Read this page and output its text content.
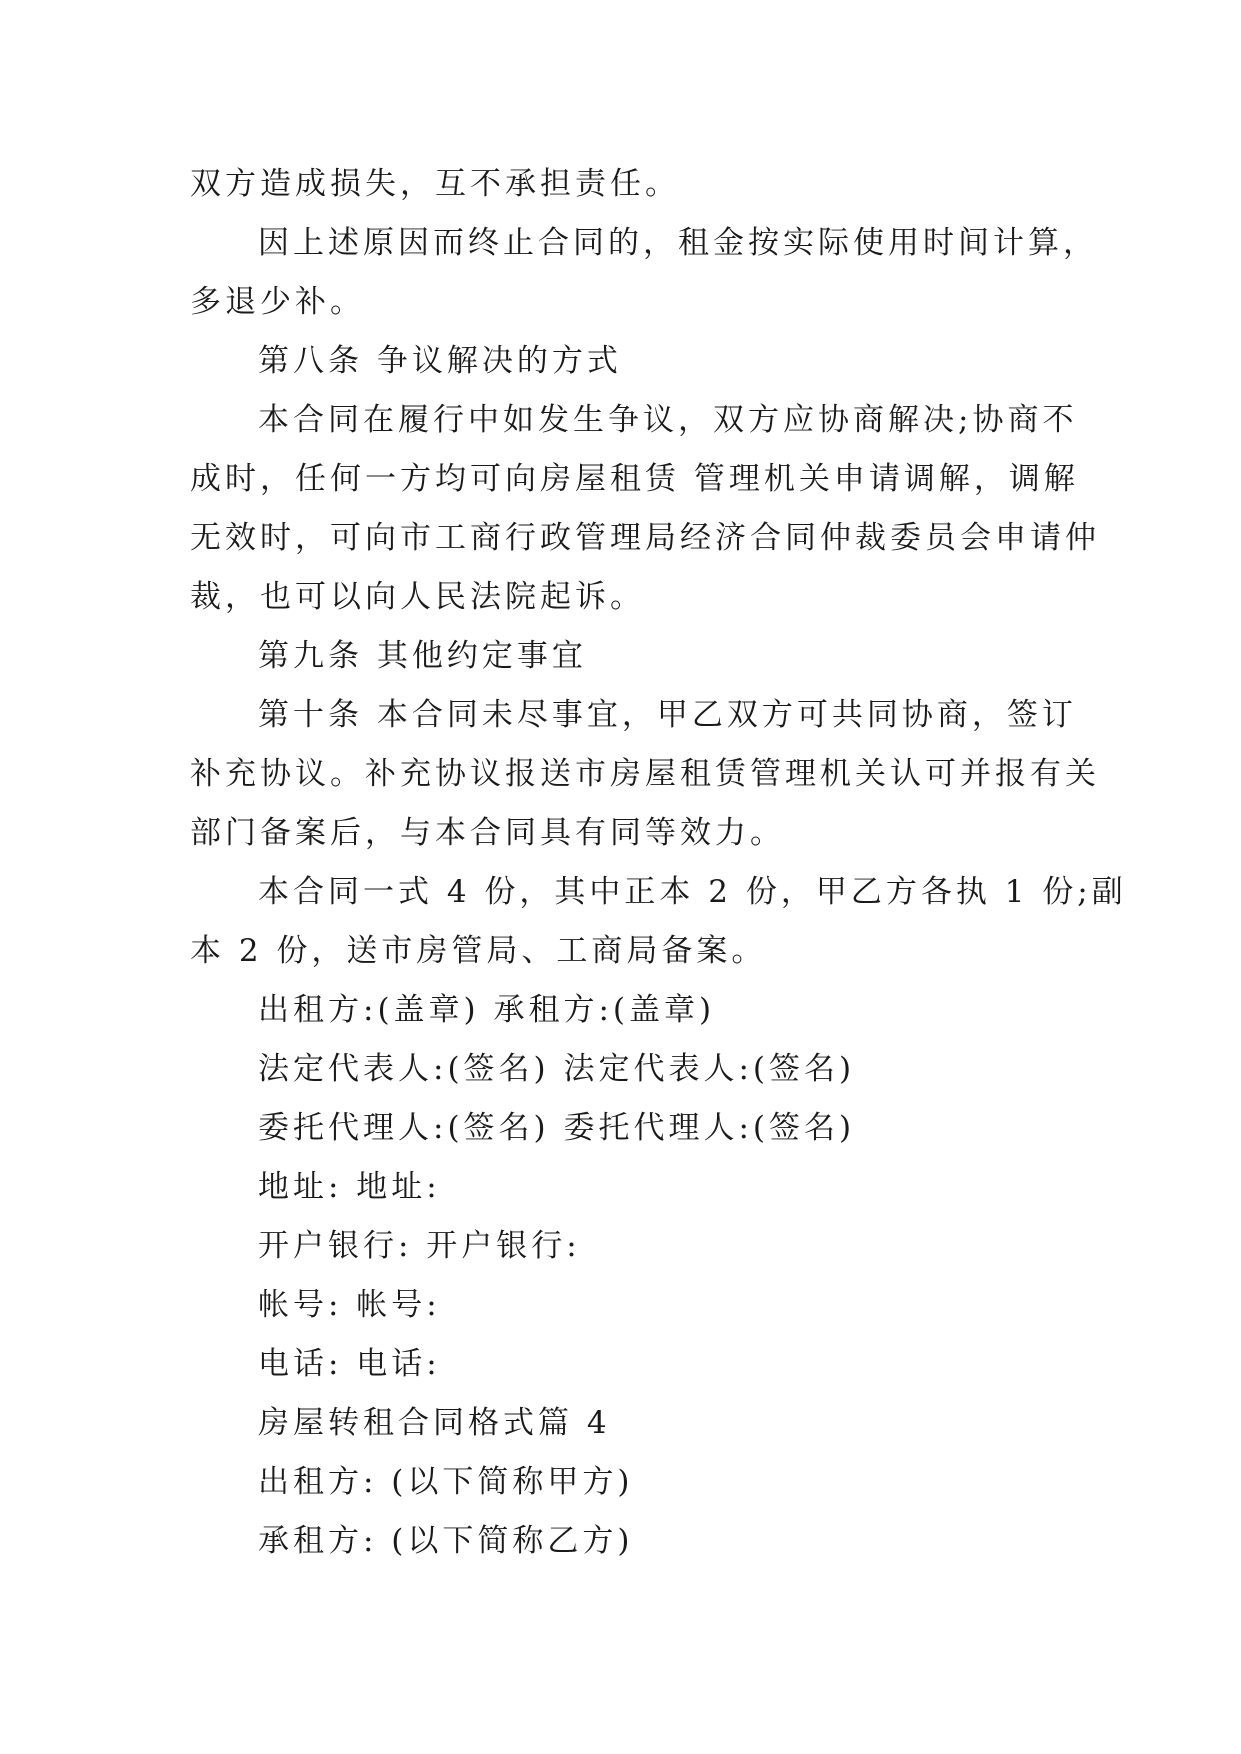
双方造成损失，互不承担责任。
因上述原因而终止合同的，租金按实际使用时间计算，
多退少补。
第八条 争议解决的方式
本合同在履行中如发生争议，双方应协商解决;协商不
成时，任何一方均可向房屋租赁 管理机关申请调解，调解
无效时，可向市工商行政管理局经济合同仲裁委员会申请仲
裁，也可以向人民法院起诉。
第九条 其他约定事宜
第十条 本合同未尽事宜，甲乙双方可共同协商，签订
补充协议。补充协议报送市房屋租赁管理机关认可并报有关
部门备案后，与本合同具有同等效力。
本合同一式 4 份，其中正本 2 份，甲乙方各执 1 份;副
本 2 份，送市房管局、工商局备案。
出租方:(盖章) 承租方:(盖章)
法定代表人:(签名) 法定代表人:(签名)
委托代理人:(签名) 委托代理人:(签名)
地址: 地址:
开户银行: 开户银行:
帐号: 帐号:
电话: 电话:
房屋转租合同格式篇 4
出租方: (以下简称甲方)
承租方: (以下简称乙方)
